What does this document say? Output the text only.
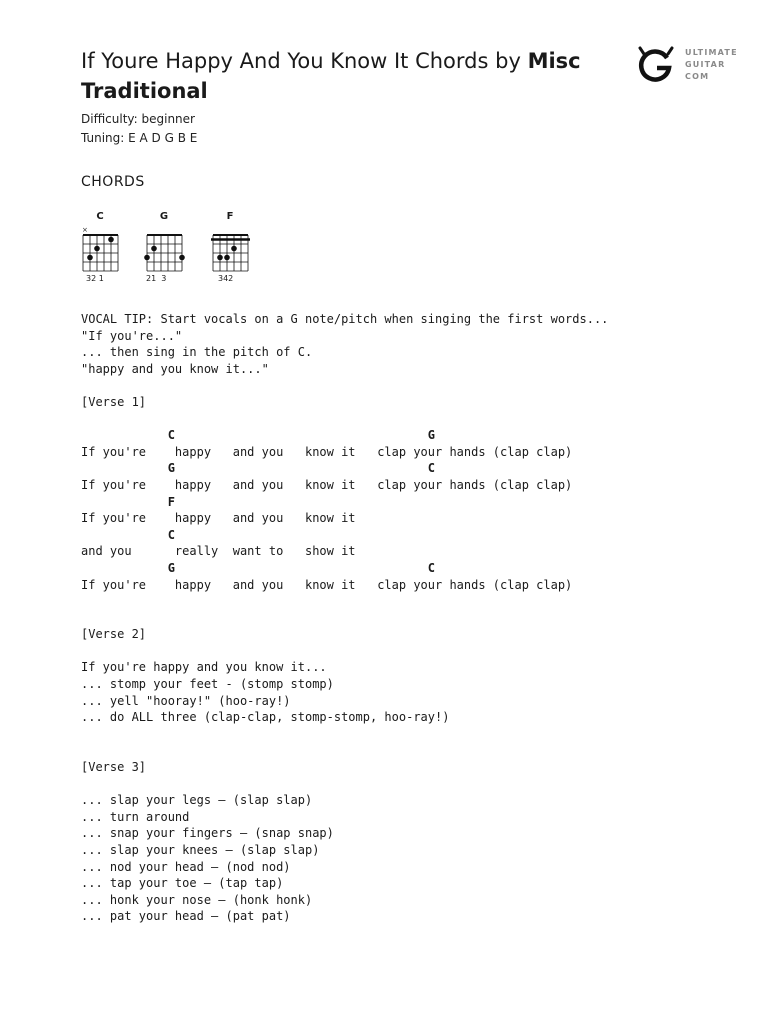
If Youre Happy And You Know It Chords by Misc Traditional
Difficulty: beginner
Tuning: E A D G B E
ULTIMATE
GUITAR
COM
CHORDS
C
×
32 1
G
21  3
F
342
VOCAL TIP: Start vocals on a G note/pitch when singing the first words...
"If you're..."
... then sing in the pitch of C.
"happy and you know it..."
[Verse 1]
C                                   G
If you're    happy   and you   know it   clap your hands (clap clap)
G                                   C
If you're    happy   and you   know it   clap your hands (clap clap)
F
If you're    happy   and you   know it
C
and you      really  want to   show it
G                                   C
If you're    happy   and you   know it   clap your hands (clap clap)
[Verse 2]
If you're happy and you know it...
... stomp your feet - (stomp stomp)
... yell "hooray!" (hoo-ray!)
... do ALL three (clap-clap, stomp-stomp, hoo-ray!)
[Verse 3]
... slap your legs – (slap slap)
... turn around
... snap your fingers – (snap snap)
... slap your knees – (slap slap)
... nod your head – (nod nod)
... tap your toe – (tap tap)
... honk your nose – (honk honk)
... pat your head – (pat pat)
